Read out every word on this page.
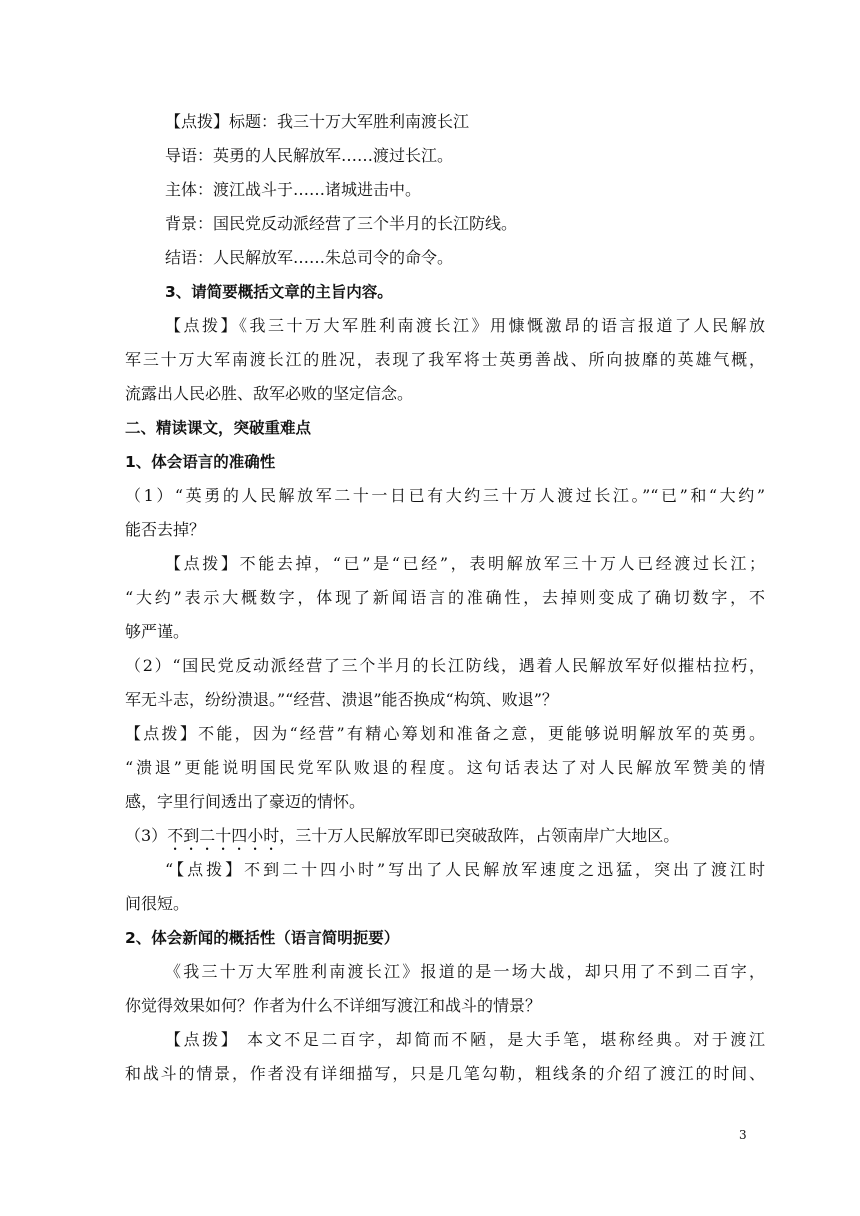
【点拨】标题：我三十万大军胜利南渡长江
导语：英勇的人民解放军……渡过长江。
主体：渡江战斗于……诸城进击中。
背景：国民党反动派经营了三个半月的长江防线。
结语：人民解放军……朱总司令的命令。
3、请简要概括文章的主旨内容。
【点拨】《我三十万大军胜利南渡长江》用慷慨激昂的语言报道了人民解放
军三十万大军南渡长江的胜况，表现了我军将士英勇善战、所向披靡的英雄气概，
流露出人民必胜、敌军必败的坚定信念。
二、精读课文，突破重难点
1、体会语言的准确性
（1）“英勇的人民解放军二十一日已有大约三十万人渡过长江。”“已”和“大约”
能否去掉？
【点拨】不能去掉，“已”是“已经”，表明解放军三十万人已经渡过长江；
“大约”表示大概数字，体现了新闻语言的准确性，去掉则变成了确切数字，不
够严谨。
（2）“国民党反动派经营了三个半月的长江防线，遇着人民解放军好似摧枯拉朽，
军无斗志，纷纷溃退。”“经营、溃退”能否换成“构筑、败退”？
【点拨】不能，因为“经营”有精心筹划和准备之意，更能够说明解放军的英勇。
“溃退”更能说明国民党军队败退的程度。这句话表达了对人民解放军赞美的情
感，字里行间透出了豪迈的情怀。
（3）不到二十四小时，三十万人民解放军即已突破敌阵，占领南岸广大地区。
“【点拨】不到二十四小时”写出了人民解放军速度之迅猛，突出了渡江时
间很短。
2、体会新闻的概括性（语言简明扼要）
《我三十万大军胜利南渡长江》报道的是一场大战，却只用了不到二百字，
你觉得效果如何？作者为什么不详细写渡江和战斗的情景？
【点拨】 本文不足二百字，却简而不陋，是大手笔，堪称经典。对于渡江
和战斗的情景，作者没有详细描写，只是几笔勾勒，粗线条的介绍了渡江的时间、
3
